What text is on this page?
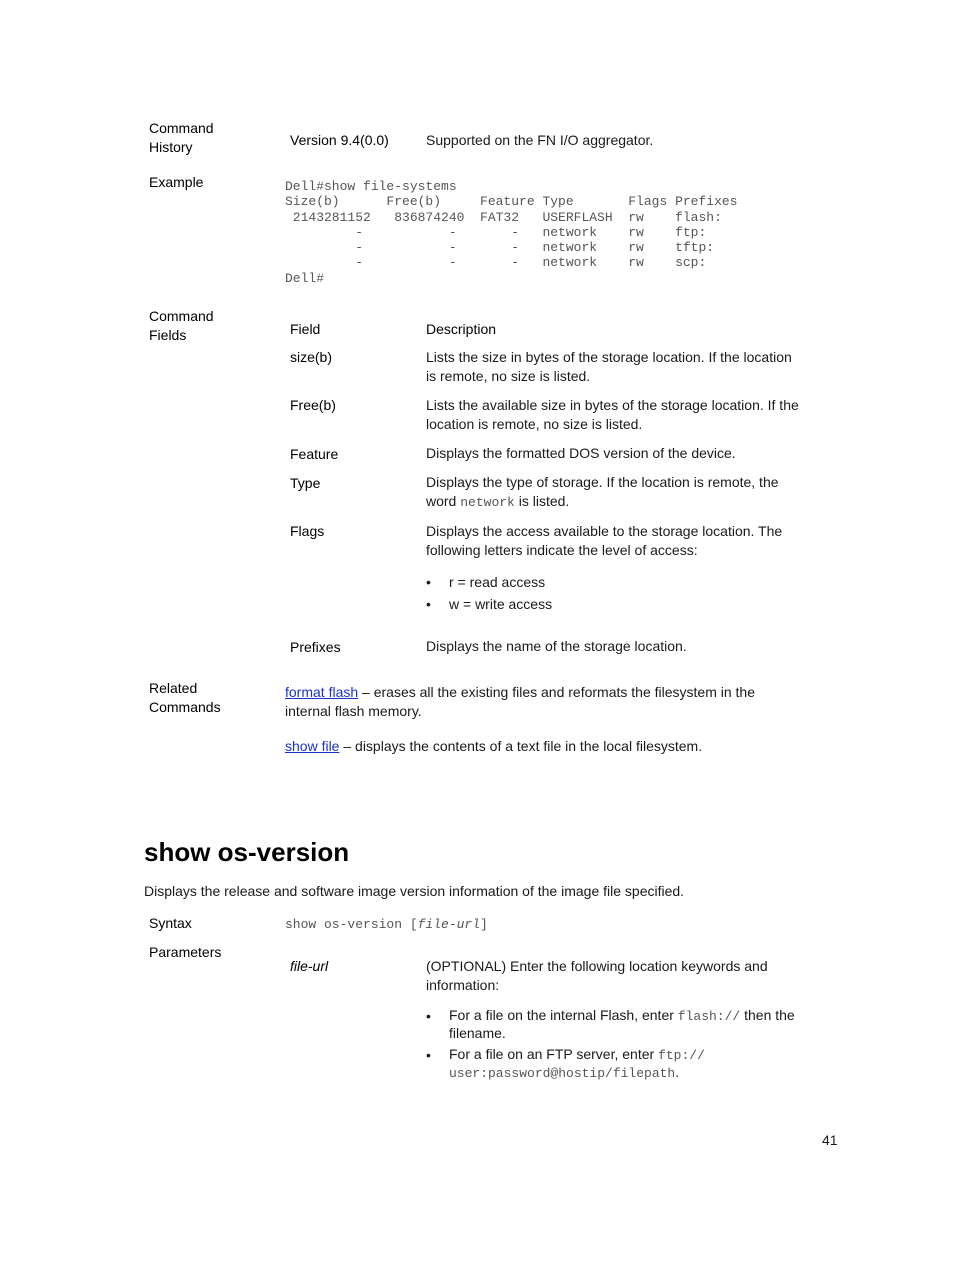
Command
History	Version 9.4(0.0)	Supported on the FN I/O aggregator.
Example	Dell#show file-systems
Size(b)      Free(b)     Feature Type       Flags Prefixes
2143281152   836874240  FAT32   USERFLASH  rw    flash:
-           -       -   network    rw    ftp:
-           -       -   network    rw    tftp:
-           -       -   network    rw    scp:
Dell#
Command
Fields	Field	Description
size(b)	Lists the size in bytes of the storage location. If the location
is remote, no size is listed.
Free(b)	Lists the available size in bytes of the storage location. If the
location is remote, no size is listed.
Feature	Displays the formatted DOS version of the device.
Type	Displays the type of storage. If the location is remote, the
word network is listed.
Flags	Displays the access available to the storage location. The
following letters indicate the level of access:
• r = read access
• w = write access
Prefixes	Displays the name of the storage location.
Related
Commands
format flash – erases all the existing files and reformats the filesystem in the
internal flash memory.
show file – displays the contents of a text file in the local filesystem.
show os-version
Displays the release and software image version information of the image file specified.
Syntax	show os-version [file-url]
Parameters
file-url	(OPTIONAL) Enter the following location keywords and
information:
• For a file on the internal Flash, enter flash:// then the
filename.
• For a file on an FTP server, enter ftp://
user:password@hostip/filepath.
41
